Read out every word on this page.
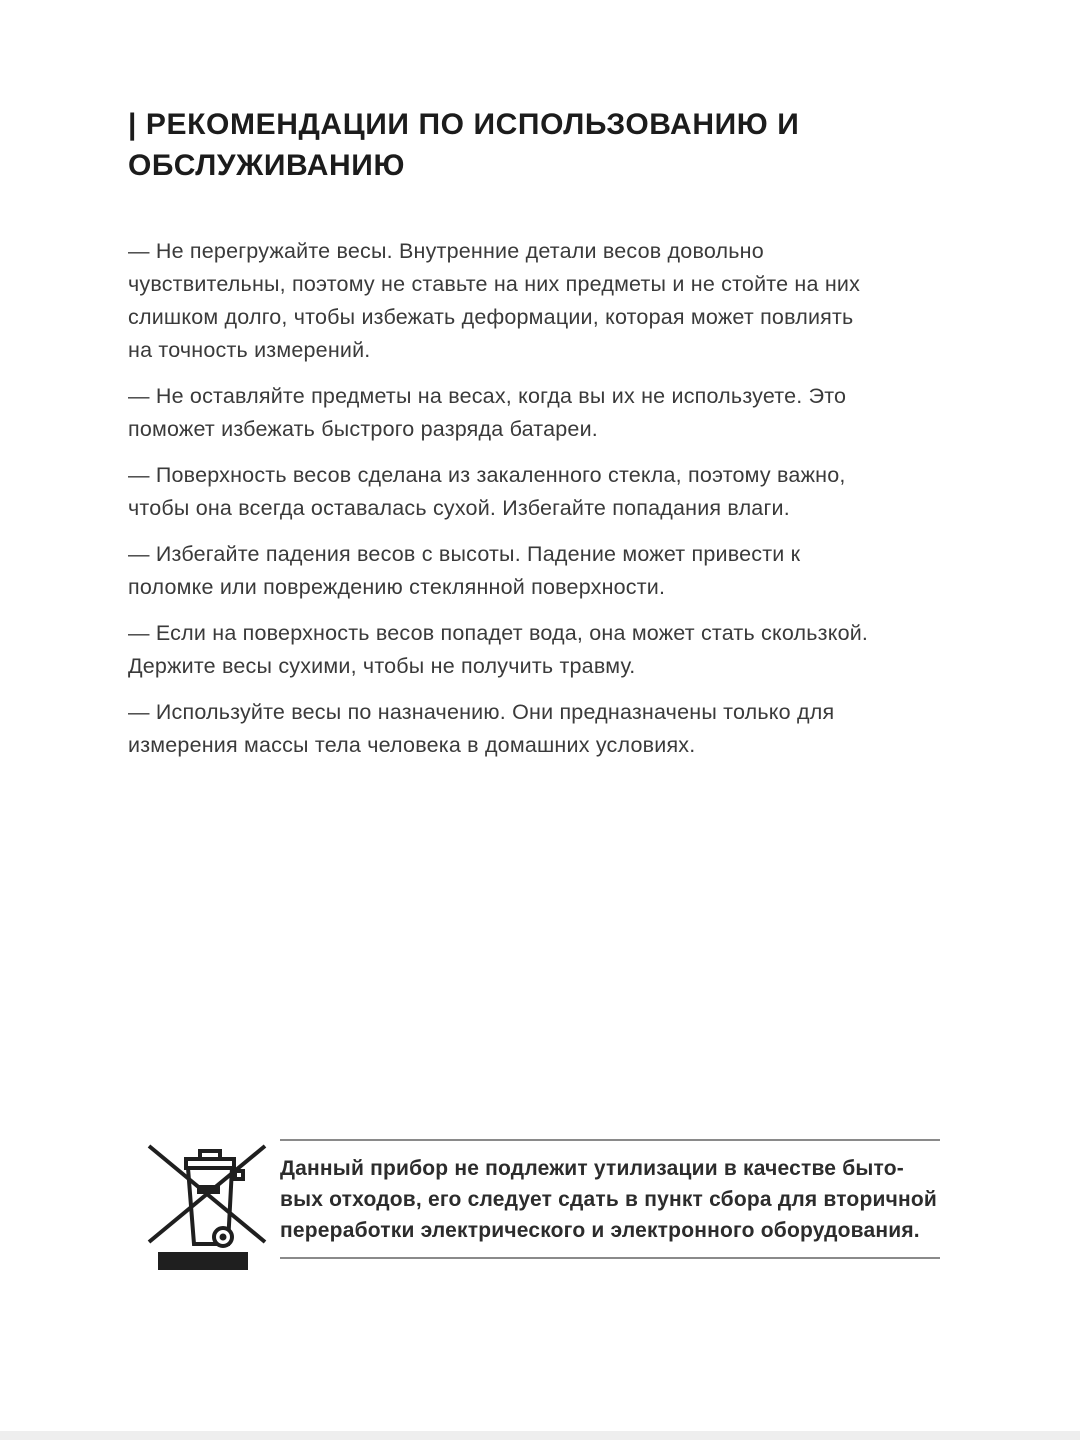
| РЕКОМЕНДАЦИИ ПО ИСПОЛЬЗОВАНИЮ И
ОБСЛУЖИВАНИЮ

— Не перегружайте весы. Внутренние детали весов довольно
чувствительны, поэтому не ставьте на них предметы и не стойте на них
слишком долго, чтобы избежать деформации, которая может повлиять
на точность измерений.

— Не оставляйте предметы на весах, когда вы их не используете. Это
поможет избежать быстрого разряда батареи.

— Поверхность весов сделана из закаленного стекла, поэтому важно,
чтобы она всегда оставалась сухой. Избегайте попадания влаги.

— Избегайте падения весов с высоты. Падение может привести к
поломке или повреждению стеклянной поверхности.

— Если на поверхность весов попадет вода, она может стать скользкой.
Держите весы сухими, чтобы не получить травму.

— Используйте весы по назначению. Они предназначены только для
измерения массы тела человека в домашних условиях.

Данный прибор не подлежит утилизации в качестве быто-
вых отходов, его следует сдать в пункт сбора для вторичной
переработки электрического и электронного оборудования.
